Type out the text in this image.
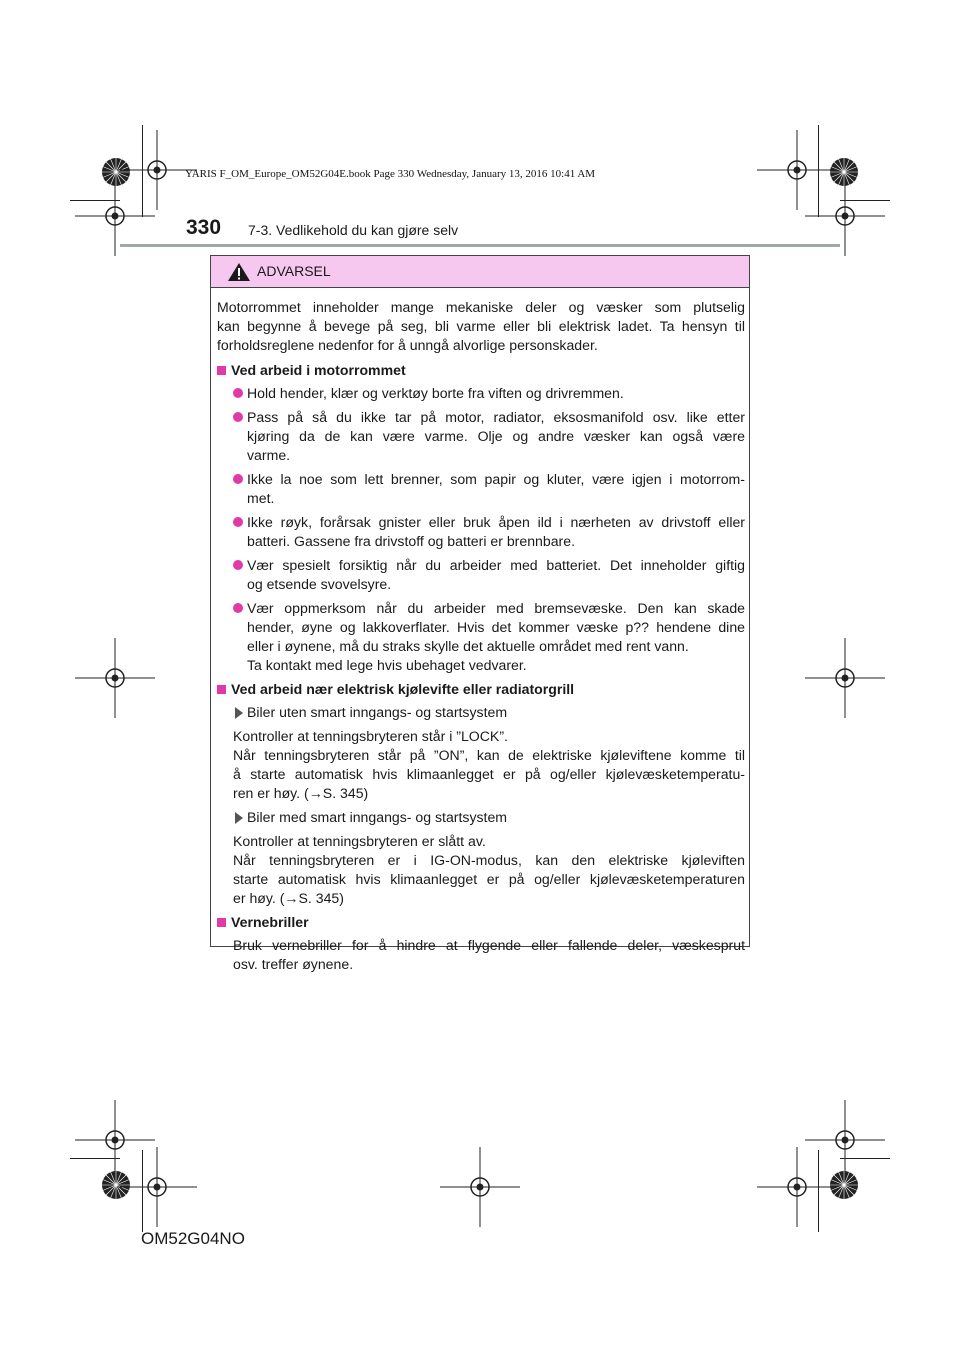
YARIS F_OM_Europe_OM52G04E.book Page 330 Wednesday, January 13, 2016 10:41 AM
330 7-3. Vedlikehold du kan gjøre selv
ADVARSEL
Motorrommet inneholder mange mekaniske deler og væsker som plutselig
kan begynne å bevege på seg, bli varme eller bli elektrisk ladet. Ta hensyn til
forholdsreglene nedenfor for å unngå alvorlige personskader.
Ved arbeid i motorrommet
Hold hender, klær og verktøy borte fra viften og drivremmen.
Pass på så du ikke tar på motor, radiator, eksosmanifold osv. like etter
kjøring da de kan være varme. Olje og andre væsker kan også være
varme.
Ikke la noe som lett brenner, som papir og kluter, være igjen i motorrom-
met.
Ikke røyk, forårsak gnister eller bruk åpen ild i nærheten av drivstoff eller
batteri. Gassene fra drivstoff og batteri er brennbare.
Vær spesielt forsiktig når du arbeider med batteriet. Det inneholder giftig
og etsende svovelsyre.
Vær oppmerksom når du arbeider med bremsevæske. Den kan skade
hender, øyne og lakkoverflater. Hvis det kommer væske p?? hendene dine
eller i øynene, må du straks skylle det aktuelle området med rent vann.
Ta kontakt med lege hvis ubehaget vedvarer.
Ved arbeid nær elektrisk kjølevifte eller radiatorgrill
Biler uten smart inngangs- og startsystem
Kontroller at tenningsbryteren står i ”LOCK”.
Når tenningsbryteren står på ”ON”, kan de elektriske kjøleviftene komme til
å starte automatisk hvis klimaanlegget er på og/eller kjølevæsketemperatu-
ren er høy. (→S. 345)
Biler med smart inngangs- og startsystem
Kontroller at tenningsbryteren er slått av.
Når tenningsbryteren er i IG-ON-modus, kan den elektriske kjøleviften
starte automatisk hvis klimaanlegget er på og/eller kjølevæsketemperaturen
er høy. (→S. 345)
Vernebriller
Bruk vernebriller for å hindre at flygende eller fallende deler, væskesprut
osv. treffer øynene.
OM52G04NO
